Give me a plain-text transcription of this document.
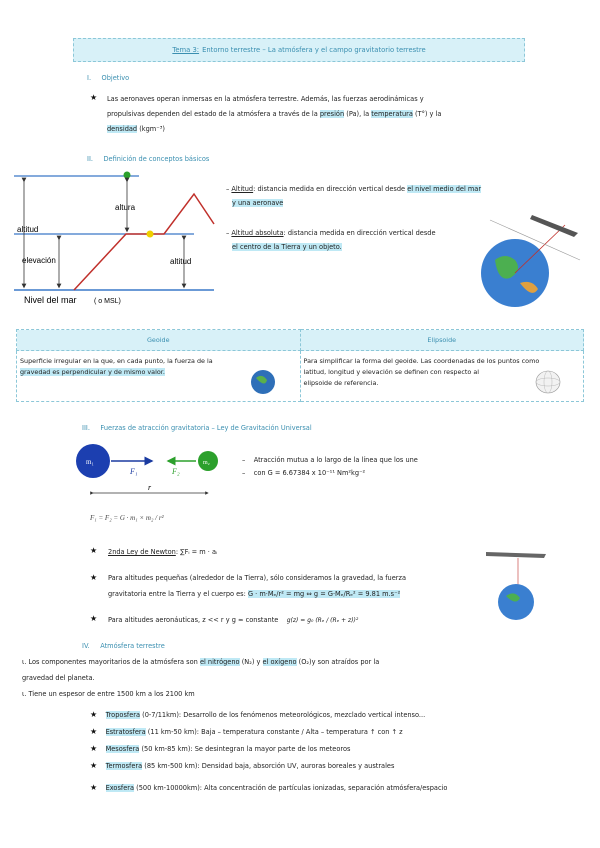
Tema 3: Entorno terrestre – La atmósfera y el campo gravitatorio terrestre
I. Objetivo
★ Las aeronaves operan inmersas en la atmósfera terrestre. Además, las fuerzas aerodinámicas y
propulsivas dependen del estado de la atmósfera a través de la presión (Pa), la temperatura (T°) y la
densidad (kgm⁻³)
II. Definición de conceptos básicos
altura
altitud
elevación	altitud
Nivel del mar ( o MSL)
– Altitud: distancia medida en dirección vertical desde el nivel medio del mar
y una aeronave
– Altitud absoluta: distancia medida en dirección vertical desde
el centro de la Tierra y un objeto.
Geoide	Elipsoide
Superficie irregular en la que, en cada punto, la fuerza de la
gravedad es perpendicular y de mismo valor.	Para simplificar la forma del geoide. Las coordenadas de los puntos como
latitud, longitud y elevación se definen con respecto al
elipsoide de referencia.
III. Fuerzas de atracción gravitatoria – Ley de Gravitación Universal
m₁	m₂
F₁	F₂
r
F₁ = F₂ = G · m₁ × m₂ / r²
–    Atracción mutua a lo largo de la línea que los une
–    con G = 6.67384 x 10⁻¹¹ Nm²kg⁻²
★ 2nda Ley de Newton: ∑Fᵢ = m · aᵢ
★ Para altitudes pequeñas (alrededor de la Tierra), sólo consideramos la gravedad, la fuerza
gravitatoria entre la Tierra y el cuerpo es: G · m·Mₑ/r² = mg ⇔ g = G·Mₑ/Rₑ² = 9.81 m.s⁻²
★ Para altitudes aeronáuticas, z << r y g ≈ constante g(z) = g₀ (Rₑ / (Rₑ + z))²
IV. Atmósfera terrestre
ι. Los componentes mayoritarios de la atmósfera son el nitrógeno (N₂) y el oxígeno (O₂)y son atraídos por la
gravedad del planeta.
ι. Tiene un espesor de entre 1500 km a los 2100 km
★ Troposfera (0-7/11km): Desarrollo de los fenómenos meteorológicos, mezclado vertical intenso...
★ Estratosfera (11 km-50 km): Baja – temperatura constante / Alta – temperatura ↑ con ↑ z
★ Mesosfera (50 km-85 km): Se desintegran la mayor parte de los meteoros
★ Termosfera (85 km-500 km): Densidad baja, absorción UV, auroras boreales y australes
★ Exosfera (500 km-10000km): Alta concentración de partículas ionizadas, separación atmósfera/espacio
